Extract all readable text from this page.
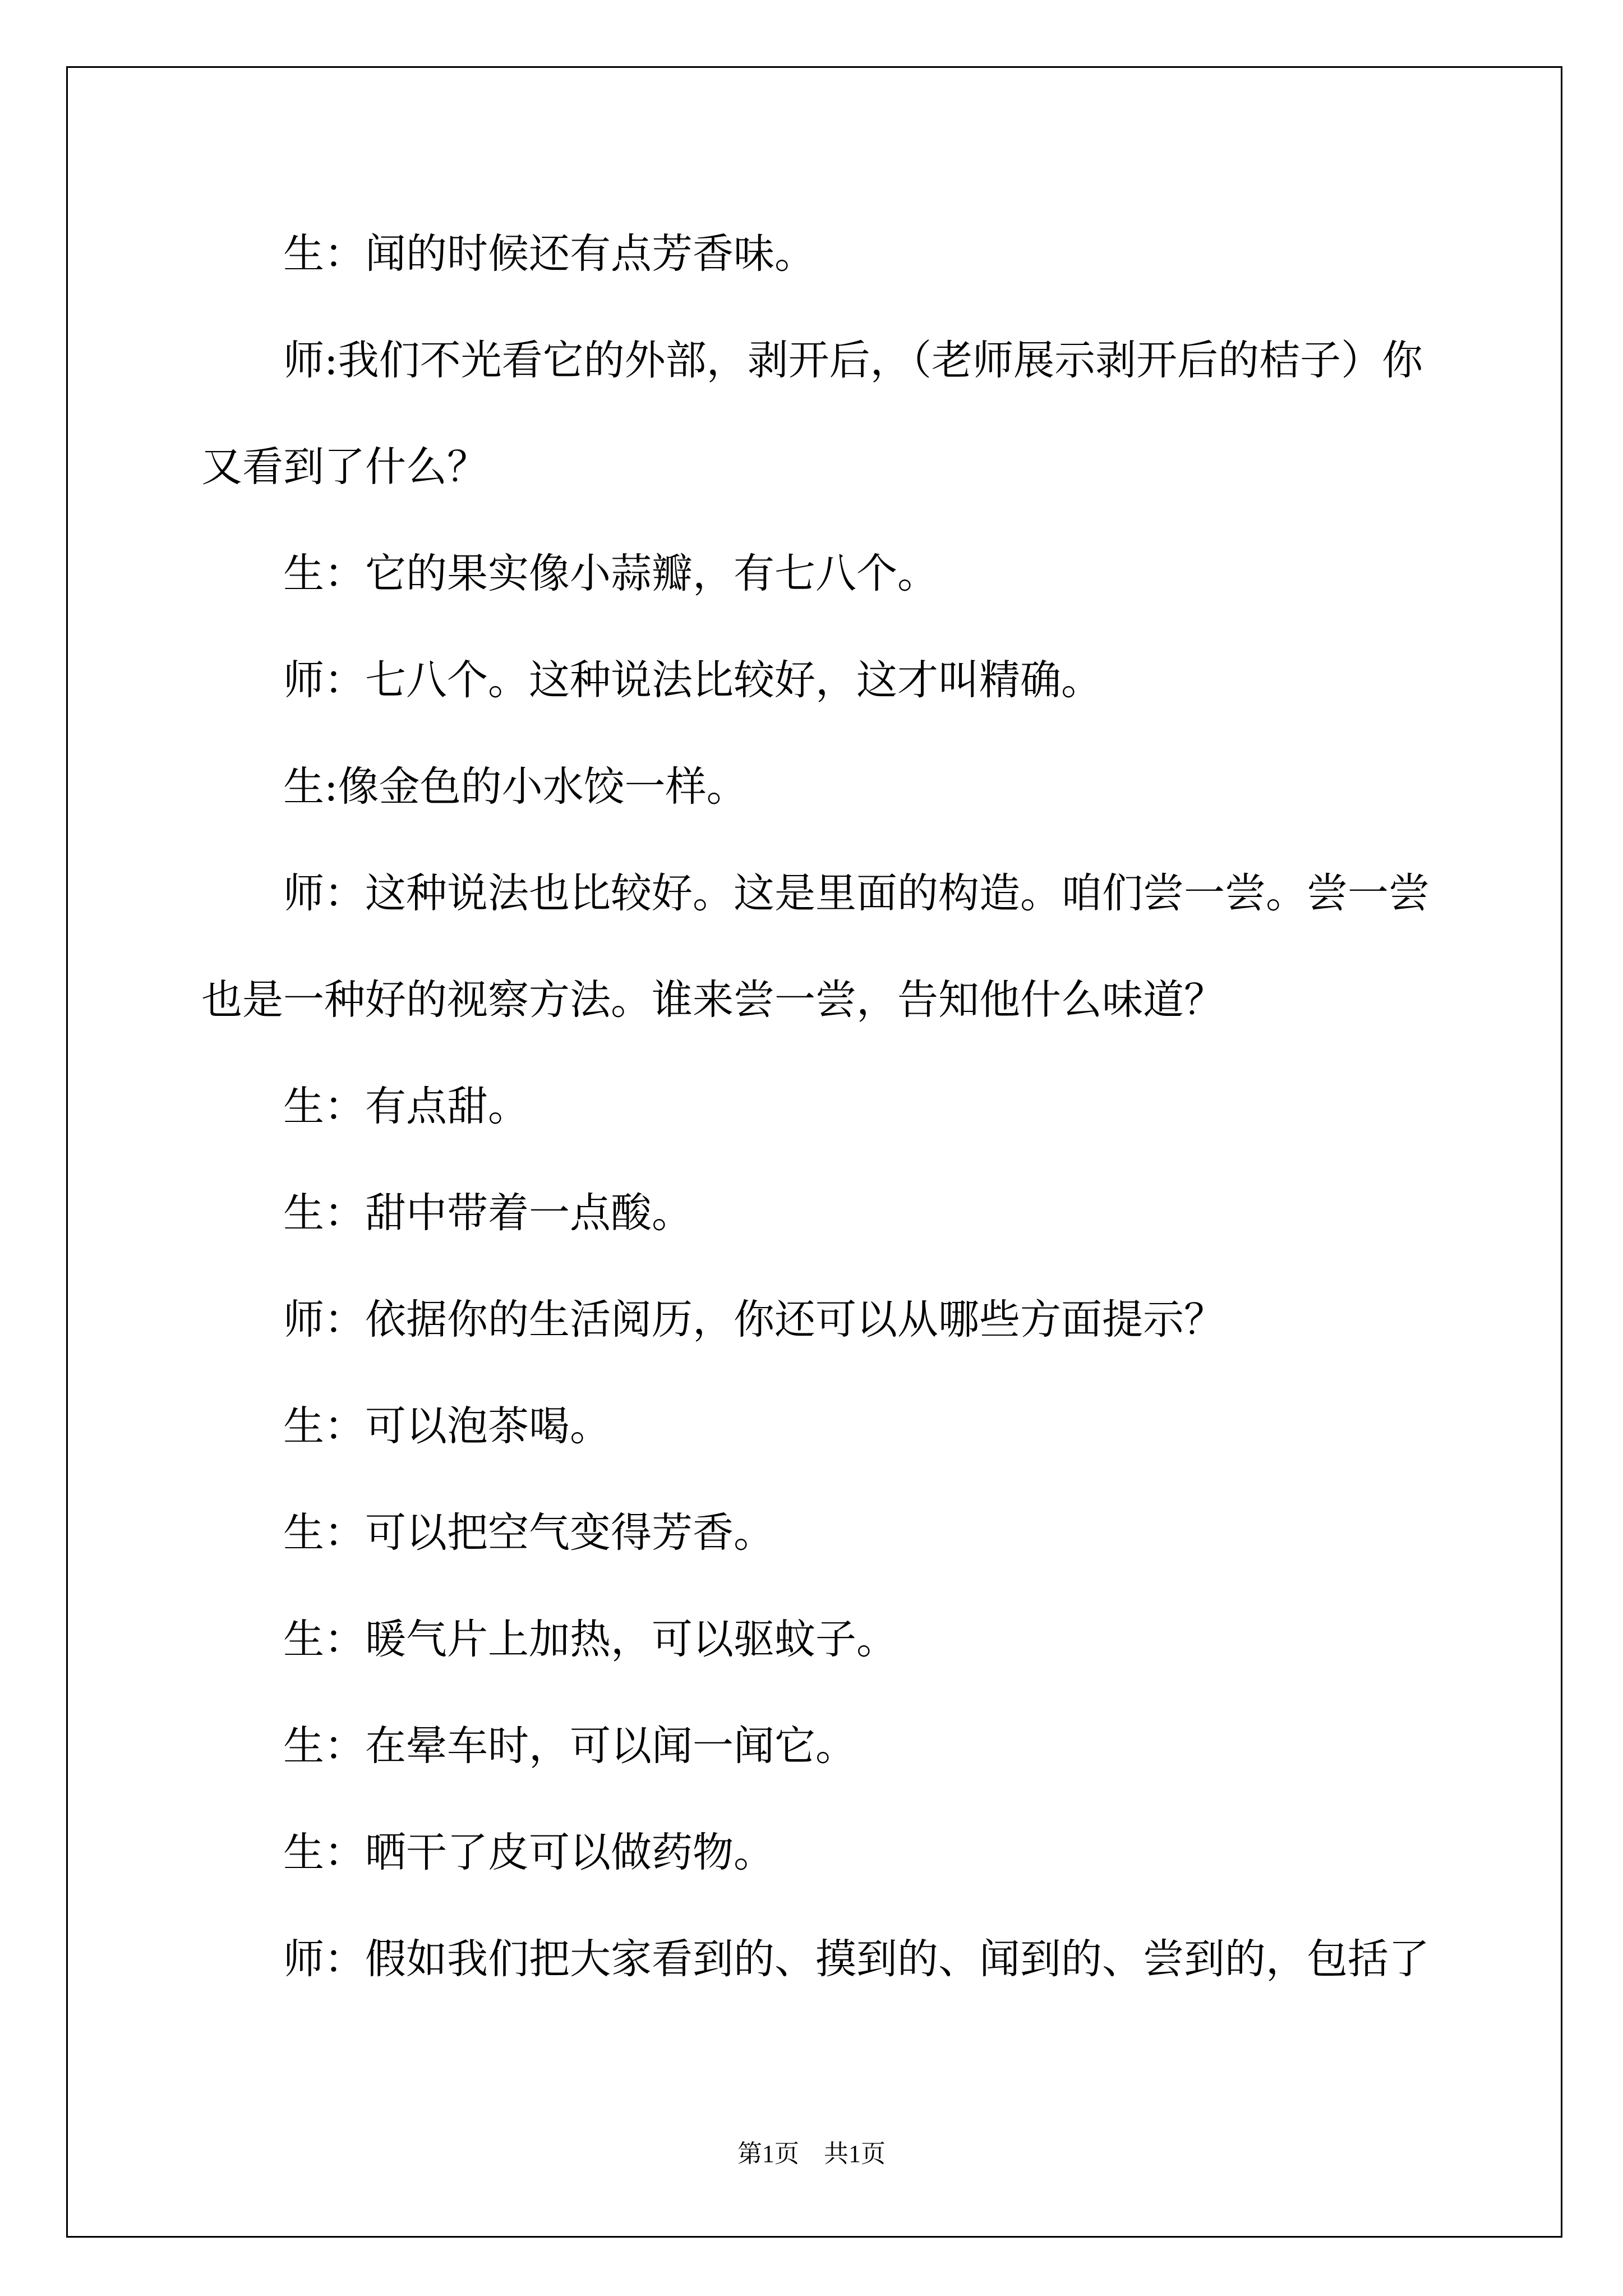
生：闻的时候还有点芳香味。
师:我们不光看它的外部，剥开后，（老师展示剥开后的桔子）你
又看到了什么？
生：它的果实像小蒜瓣，有七八个。
师：七八个。这种说法比较好，这才叫精确。
生:像金色的小水饺一样。
师：这种说法也比较好。这是里面的构造。咱们尝一尝。尝一尝
也是一种好的视察方法。谁来尝一尝，告知他什么味道？
生：有点甜。
生：甜中带着一点酸。
师：依据你的生活阅历，你还可以从哪些方面提示？
生：可以泡茶喝。
生：可以把空气变得芳香。
生：暖气片上加热，可以驱蚊子。
生：在晕车时，可以闻一闻它。
生：晒干了皮可以做药物。
师：假如我们把大家看到的、摸到的、闻到的、尝到的，包括了
第1页　共1页
